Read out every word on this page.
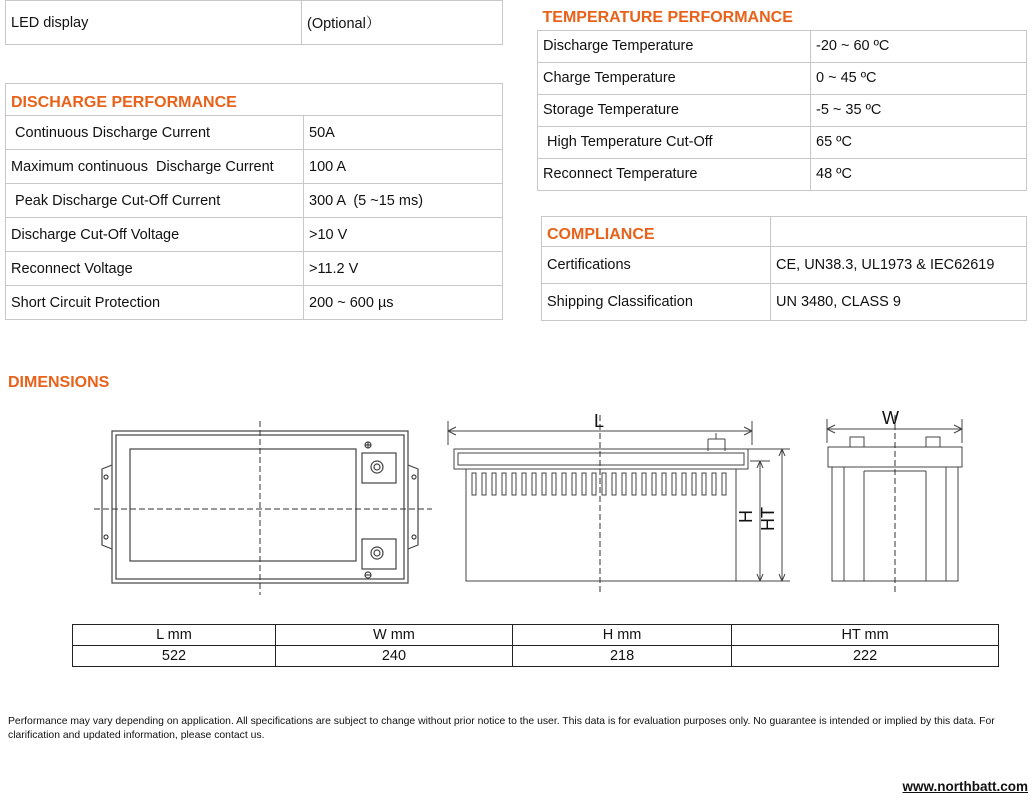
LED display	(Optional）
DISCHARGE PERFORMANCE	
Continuous Discharge Current	50A
Maximum continuous  Discharge Current	100 A
Peak Discharge Cut-Off Current	300 A  (5 ~15 ms)
Discharge Cut-Off Voltage	>10 V
Reconnect Voltage	>11.2 V
Short Circuit Protection	200 ~ 600 µs
TEMPERATURE PERFORMANCE	
Discharge Temperature	-20 ~ 60 ºC
Charge Temperature	0 ~ 45 ºC
Storage Temperature	-5 ~ 35 ºC
High Temperature Cut-Off	65 ºC
Reconnect Temperature	48 ºC
COMPLIANCE	
Certifications	CE, UN38.3, UL1973 & IEC62619
Shipping Classification	UN 3480, CLASS 9
DIMENSIONS
L
H HT
W
L mm	W mm	H mm	HT mm
522	240	218	222
Performance may vary depending on application. All specifications are subject to change without prior notice to the user. This data is for evaluation purposes only. No guarantee is intended or implied by this data. For clarification and updated information, please contact us.
www.northbatt.com
